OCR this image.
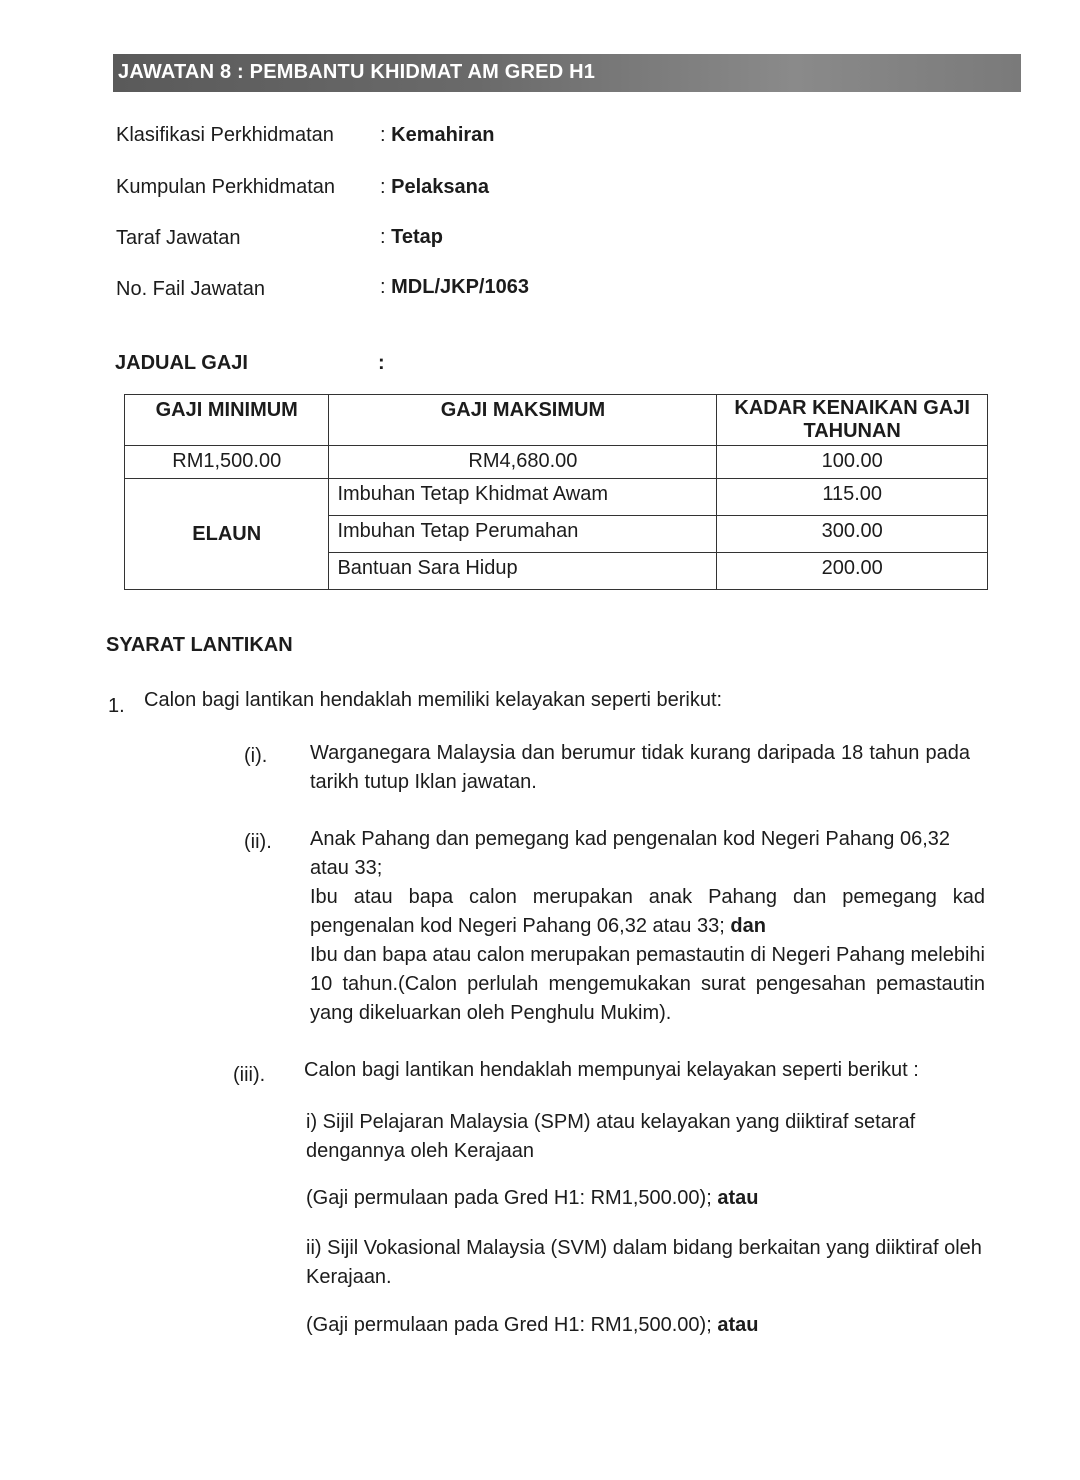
JAWATAN 8 : PEMBANTU KHIDMAT AM GRED H1
Klasifikasi Perkhidmatan : Kemahiran
Kumpulan Perkhidmatan : Pelaksana
Taraf Jawatan	: Tetap
No. Fail Jawatan	: MDL/JKP/1063
JADUAL GAJI	:
GAJI MINIMUM	GAJI MAKSIMUM	KADAR KENAIKAN GAJI TAHUNAN
RM1,500.00	RM4,680.00	100.00
ELAUN	Imbuhan Tetap Khidmat Awam	115.00
	Imbuhan Tetap Perumahan	300.00
	Bantuan Sara Hidup	200.00
SYARAT LANTIKAN
1. Calon bagi lantikan hendaklah memiliki kelayakan seperti berikut:
(i). Warganegara Malaysia dan berumur tidak kurang daripada 18 tahun pada tarikh tutup Iklan jawatan.
(ii). Anak Pahang dan pemegang kad pengenalan kod Negeri Pahang 06,32 atau 33;
Ibu atau bapa calon merupakan anak Pahang dan pemegang kad pengenalan kod Negeri Pahang 06,32 atau 33; dan
Ibu dan bapa atau calon merupakan pemastautin di Negeri Pahang melebihi 10 tahun.(Calon perlulah mengemukakan surat pengesahan pemastautin yang dikeluarkan oleh Penghulu Mukim).
(iii). Calon bagi lantikan hendaklah mempunyai kelayakan seperti berikut :
i) Sijil Pelajaran Malaysia (SPM) atau kelayakan yang diiktiraf setaraf dengannya oleh Kerajaan
(Gaji permulaan pada Gred H1: RM1,500.00); atau
ii) Sijil Vokasional Malaysia (SVM) dalam bidang berkaitan yang diiktiraf oleh Kerajaan.
(Gaji permulaan pada Gred H1: RM1,500.00); atau
